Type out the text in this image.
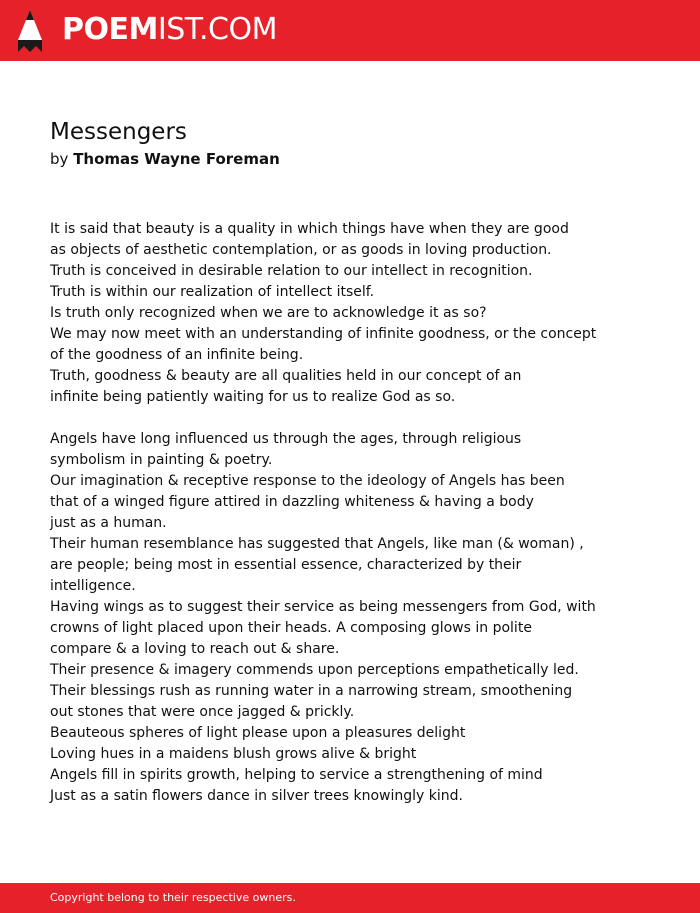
POEMIST.COM
Messengers
by Thomas Wayne Foreman
It is said that beauty is a quality in which things have when they are good
as objects of aesthetic contemplation, or as goods in loving production.
Truth is conceived in desirable relation to our intellect in recognition.
Truth is within our realization of intellect itself.
Is truth only recognized when we are to acknowledge it as so?
We may now meet with an understanding of infinite goodness, or the concept
of the goodness of an infinite being.
Truth, goodness & beauty are all qualities held in our concept of an
infinite being patiently waiting for us to realize God as so.
Angels have long influenced us through the ages, through religious
symbolism in painting & poetry.
Our imagination & receptive response to the ideology of Angels has been
that of a winged figure attired in dazzling whiteness & having a body
just as a human.
Their human resemblance has suggested that Angels, like man (& woman) ,
are people; being most in essential essence, characterized by their
intelligence.
Having wings as to suggest their service as being messengers from God, with
crowns of light placed upon their heads. A composing glows in polite
compare & a loving to reach out & share.
Their presence & imagery commends upon perceptions empathetically led.
Their blessings rush as running water in a narrowing stream, smoothening
out stones that were once jagged & prickly.
Beauteous spheres of light please upon a pleasures delight
Loving hues in a maidens blush grows alive & bright
Angels fill in spirits growth, helping to service a strengthening of mind
Just as a satin flowers dance in silver trees knowingly kind.
Copyright belong to their respective owners.
